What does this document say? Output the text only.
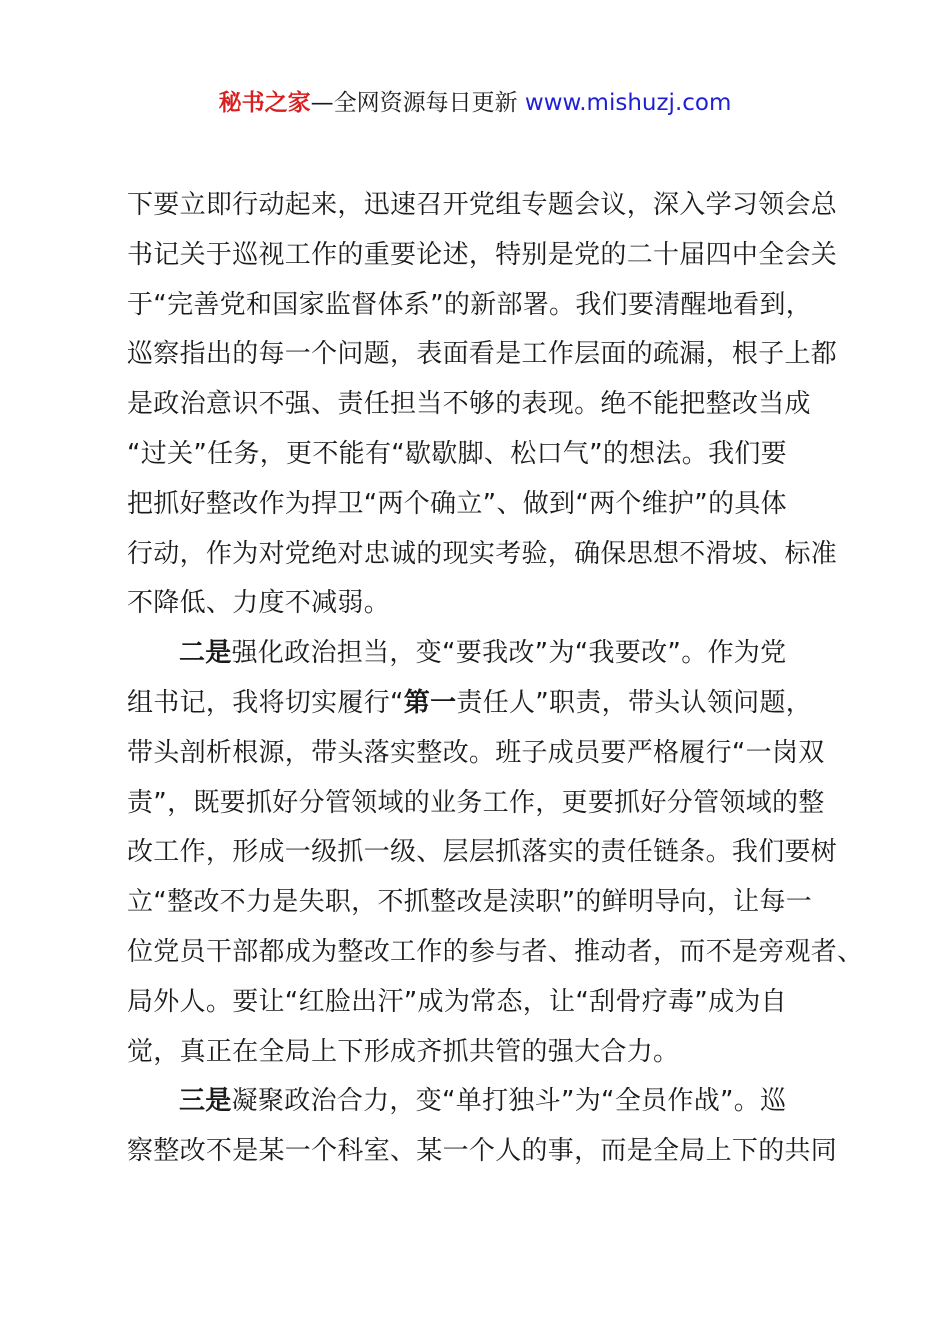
秘书之家—全网资源每日更新 www.mishuzj.com
下要立即行动起来，迅速召开党组专题会议，深入学习领会总
书记关于巡视工作的重要论述，特别是党的二十届四中全会关
于“完善党和国家监督体系”的新部署。我们要清醒地看到，
巡察指出的每一个问题，表面看是工作层面的疏漏，根子上都
是政治意识不强、责任担当不够的表现。绝不能把整改当成
“过关”任务，更不能有“歇歇脚、松口气”的想法。我们要
把抓好整改作为捍卫“两个确立”、做到“两个维护”的具体
行动，作为对党绝对忠诚的现实考验，确保思想不滑坡、标准
不降低、力度不减弱。
二是强化政治担当，变“要我改”为“我要改”。作为党
组书记，我将切实履行“第一责任人”职责，带头认领问题，
带头剖析根源，带头落实整改。班子成员要严格履行“一岗双
责”，既要抓好分管领域的业务工作，更要抓好分管领域的整
改工作，形成一级抓一级、层层抓落实的责任链条。我们要树
立“整改不力是失职，不抓整改是渎职”的鲜明导向，让每一
位党员干部都成为整改工作的参与者、推动者，而不是旁观者、
局外人。要让“红脸出汗”成为常态，让“刮骨疗毒”成为自
觉，真正在全局上下形成齐抓共管的强大合力。
三是凝聚政治合力，变“单打独斗”为“全员作战”。巡
察整改不是某一个科室、某一个人的事，而是全局上下的共同
